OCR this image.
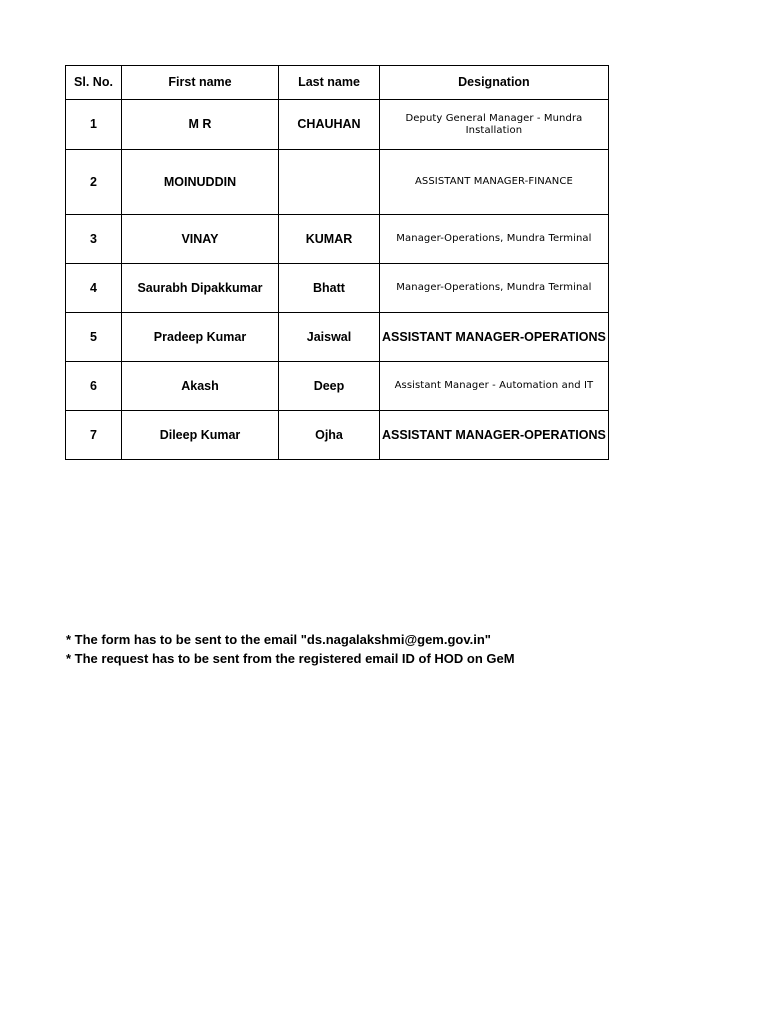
Sl. No.	First name	Last name	Designation
1	M R	CHAUHAN	Deputy General Manager - Mundra Installation
2	MOINUDDIN		ASSISTANT MANAGER-FINANCE
3	VINAY	KUMAR	Manager-Operations, Mundra Terminal
4	Saurabh Dipakkumar	Bhatt	Manager-Operations, Mundra Terminal
5	Pradeep Kumar	Jaiswal	ASSISTANT MANAGER-OPERATIONS
6	Akash	Deep	Assistant Manager - Automation and IT
7	Dileep Kumar	Ojha	ASSISTANT MANAGER-OPERATIONS
* The form has to be sent to the email "ds.nagalakshmi@gem.gov.in"
* The request has to be sent from the registered email ID of HOD on GeM
